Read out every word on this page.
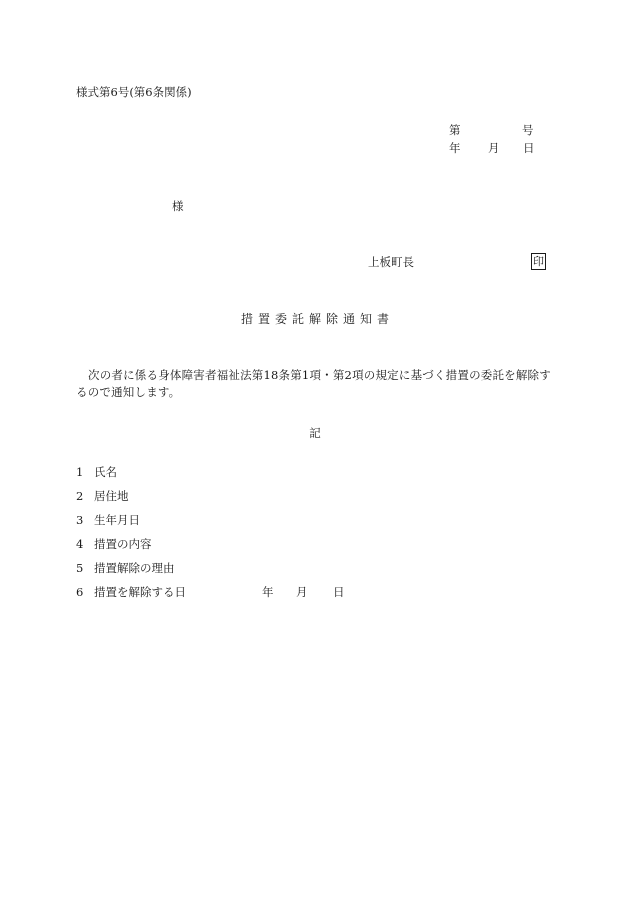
様式第6号(第6条関係)
第	号
年 月 日
様
上板町長	印
措置委託解除通知書
次の者に係る身体障害者福祉法第18条第1項・第2項の規定に基づく措置の委託を解除するので通知します。
記
1 氏名
2 居住地
3 生年月日
4 措置の内容
5 措置解除の理由
6 措置を解除する日	年 月 日
